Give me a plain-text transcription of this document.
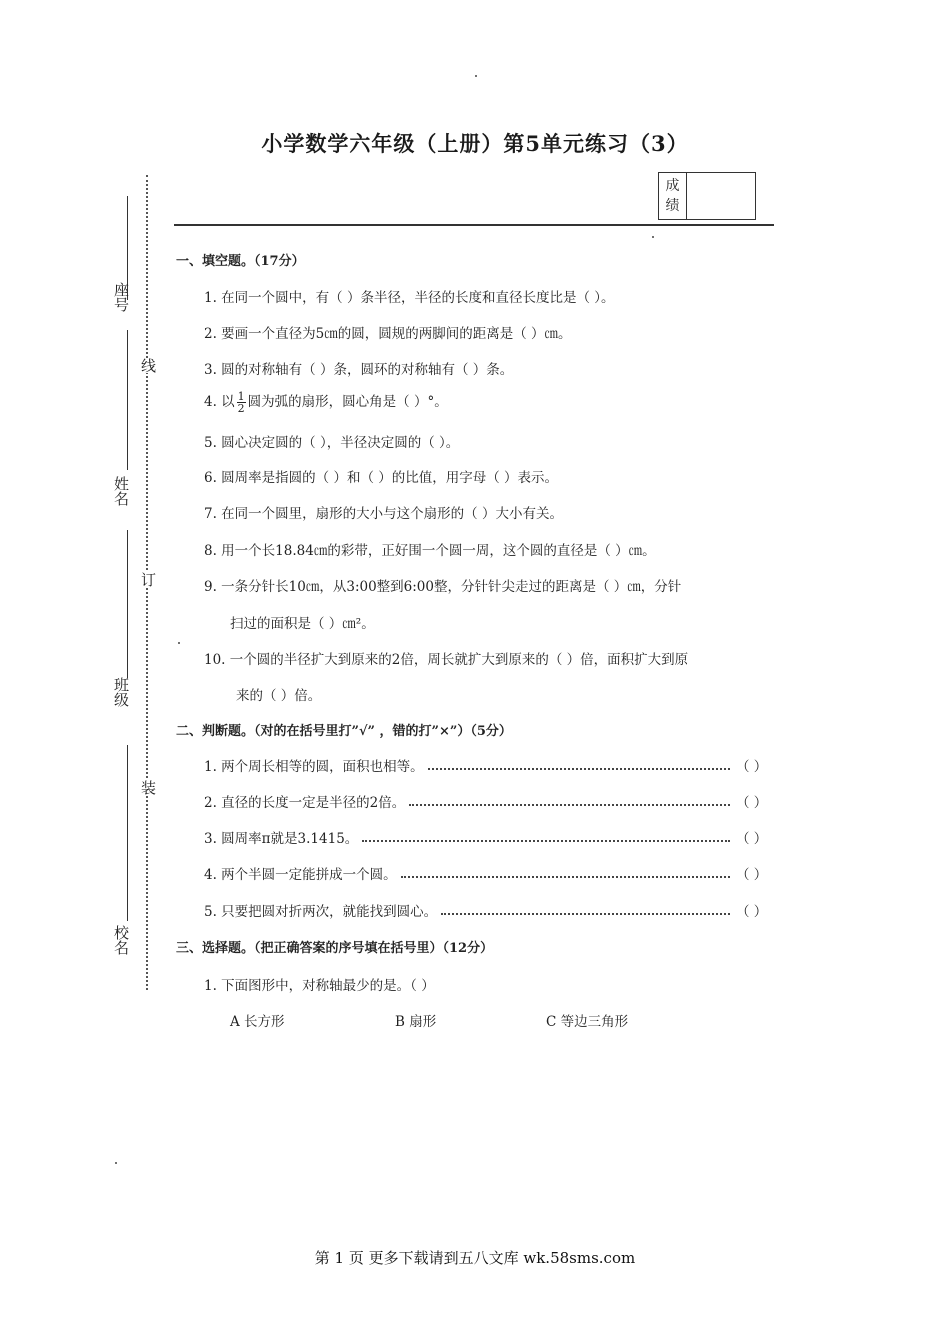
小学数学六年级（上册）第5单元练习（3）
成
绩
座号
姓名
班级
校名
线
订
装
一、填空题。（17分）
1. 在同一个圆中，有（ ）条半径，半径的长度和直径长度比是（ ）。
2. 要画一个直径为5㎝的圆，圆规的两脚间的距离是（ ）㎝。
3. 圆的对称轴有（ ）条，圆环的对称轴有（ ）条。
4. 以 $\frac{1}{2}$ 圆为弧的扇形，圆心角是（ ）°。
5. 圆心决定圆的（ ），半径决定圆的（ ）。
6. 圆周率是指圆的（ ）和（ ）的比值，用字母（ ）表示。
7. 在同一个圆里，扇形的大小与这个扇形的（ ）大小有关。
8. 用一个长18.84㎝的彩带，正好围一个圆一周，这个圆的直径是（ ）㎝。
9. 一条分针长10㎝，从3:00整到6:00整，分针针尖走过的距离是（ ）㎝，分针
扫过的面积是（ ）㎝²。
10. 一个圆的半径扩大到原来的2倍，周长就扩大到原来的（ ）倍，面积扩大到原
来的（ ）倍。
二、判断题。（对的在括号里打”√” ，错的打”×”）（5分）
1. 两个周长相等的圆，面积也相等。	（ ）
2. 直径的长度一定是半径的2倍。	（ ）
3. 圆周率π就是3.1415。	（ ）
4. 两个半圆一定能拼成一个圆。	（ ）
5. 只要把圆对折两次，就能找到圆心。	（ ）
三、选择题。（把正确答案的序号填在括号里）（12分）
1. 下面图形中，对称轴最少的是。（ ）
A 长方形	B 扇形	C 等边三角形
第 1 页 更多下载请到五八文库 wk.58sms.com
